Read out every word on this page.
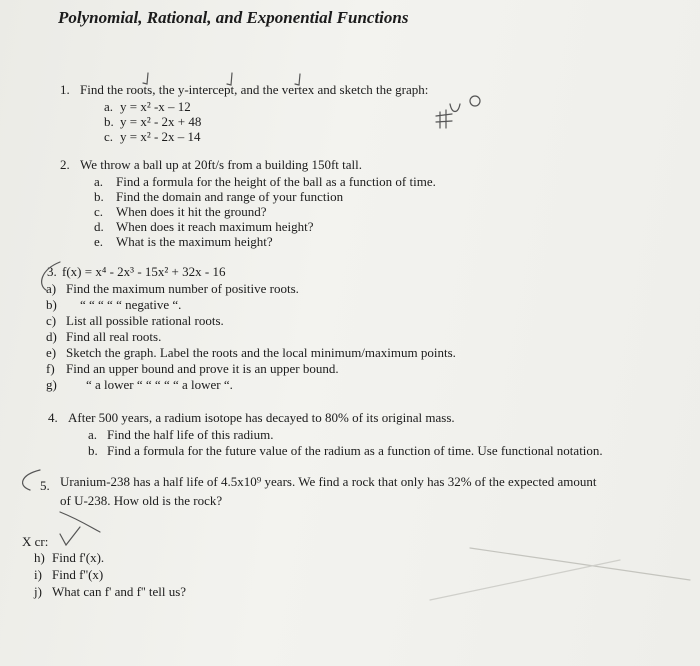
Polynomial, Rational, and Exponential Functions
1. Find the roots, the y-intercept, and the vertex and sketch the graph:
a. y = x² -x – 12
b. y = x² - 2x + 48
c. y = x² - 2x – 14
2. We throw a ball up at 20ft/s from a building 150ft tall.
a. Find a formula for the height of the ball as a function of time.
b. Find the domain and range of your function
c. When does it hit the ground?
d. When does it reach maximum height?
e. What is the maximum height?
3. f(x) = x⁴ - 2x³ - 15x² + 32x - 16
a) Find the maximum number of positive roots.
b) “ “ “ “ “ negative “.
c) List all possible rational roots.
d) Find all real roots.
e) Sketch the graph. Label the roots and the local minimum/maximum points.
f) Find an upper bound and prove it is an upper bound.
g) “ a lower “ “ “ “ “ a lower “.
4. After 500 years, a radium isotope has decayed to 80% of its original mass.
a. Find the half life of this radium.
b. Find a formula for the future value of the radium as a function of time. Use functional notation.
5. Uranium-238 has a half life of 4.5x10⁹ years. We find a rock that only has 32% of the expected amount
of U-238. How old is the rock?
X cr:
h) Find f'(x).
i) Find f''(x)
j) What can f' and f'' tell us?
